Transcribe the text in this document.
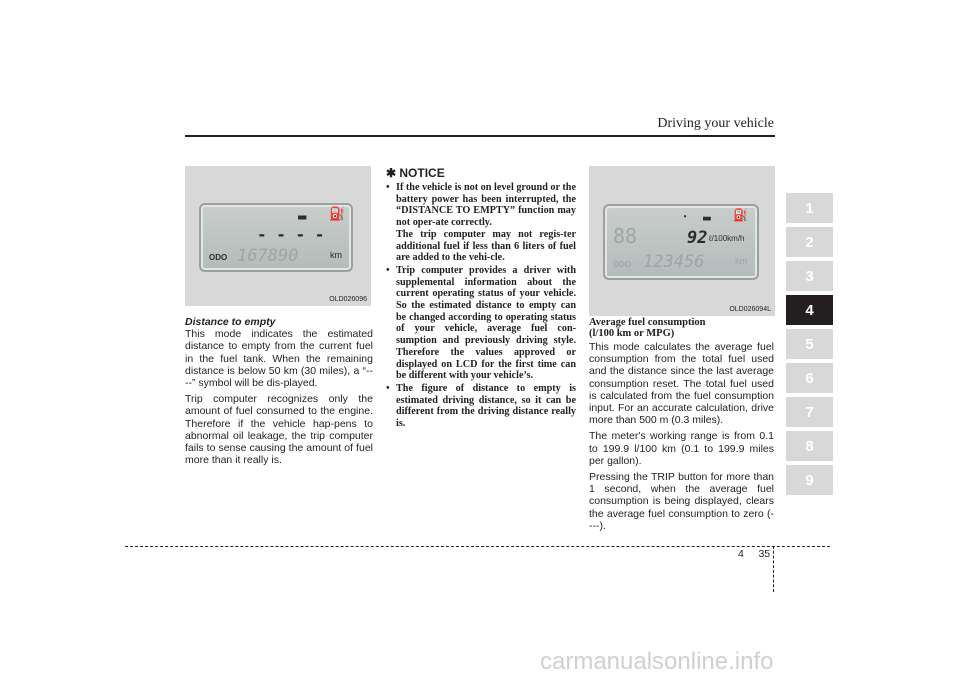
Driving your vehicle
▬ ⛽
- - - -
ODO 167890	km
OLD026096
Distance to empty

This mode indicates the estimated distance to empty from the current fuel in the fuel tank. When the remaining distance is below 50 km (30 miles), a “----” symbol will be dis-played.

Trip computer recognizes only the amount of fuel consumed to the engine. Therefore if the vehicle hap-pens to abnormal oil leakage, the trip computer fails to sense causing the amount of fuel more than it really is.

✱ NOTICE
• If the vehicle is not on level ground or the battery power has been interrupted, the “DISTANCE TO EMPTY” function may not oper-ate correctly.
The trip computer may not regis-ter additional fuel if less than 6 liters of fuel are added to the vehi-cle.
• Trip computer provides a driver with supplemental information about the current operating status of your vehicle. So the estimated distance to empty can be changed according to operating status of your vehicle, average fuel con-sumption and previously driving style. Therefore the values approved or displayed on LCD for the first time can be different with your vehicle’s.
• The figure of distance to empty is estimated driving distance, so it can be different from the driving distance really is.
‧ ▬ ⛽
88	92 ℓ/100km/h
ODO 123456	km
OLD026094L
Average fuel consumption
(l/100 km or MPG)

This mode calculates the average fuel consumption from the total fuel used and the distance since the last average consumption reset. The total fuel used is calculated from the fuel consumption input. For an accurate calculation, drive more than 500 m (0.3 miles).

The meter's working range is from 0.1 to 199.9 l/100 km (0.1 to 199.9 miles per gallon).

Pressing the TRIP button for more than 1 second, when the average fuel consumption is being displayed, clears the average fuel consumption to zero (----).

1
2
3
4
5
6
7
8
9
4 35
carmanualsonline.info
